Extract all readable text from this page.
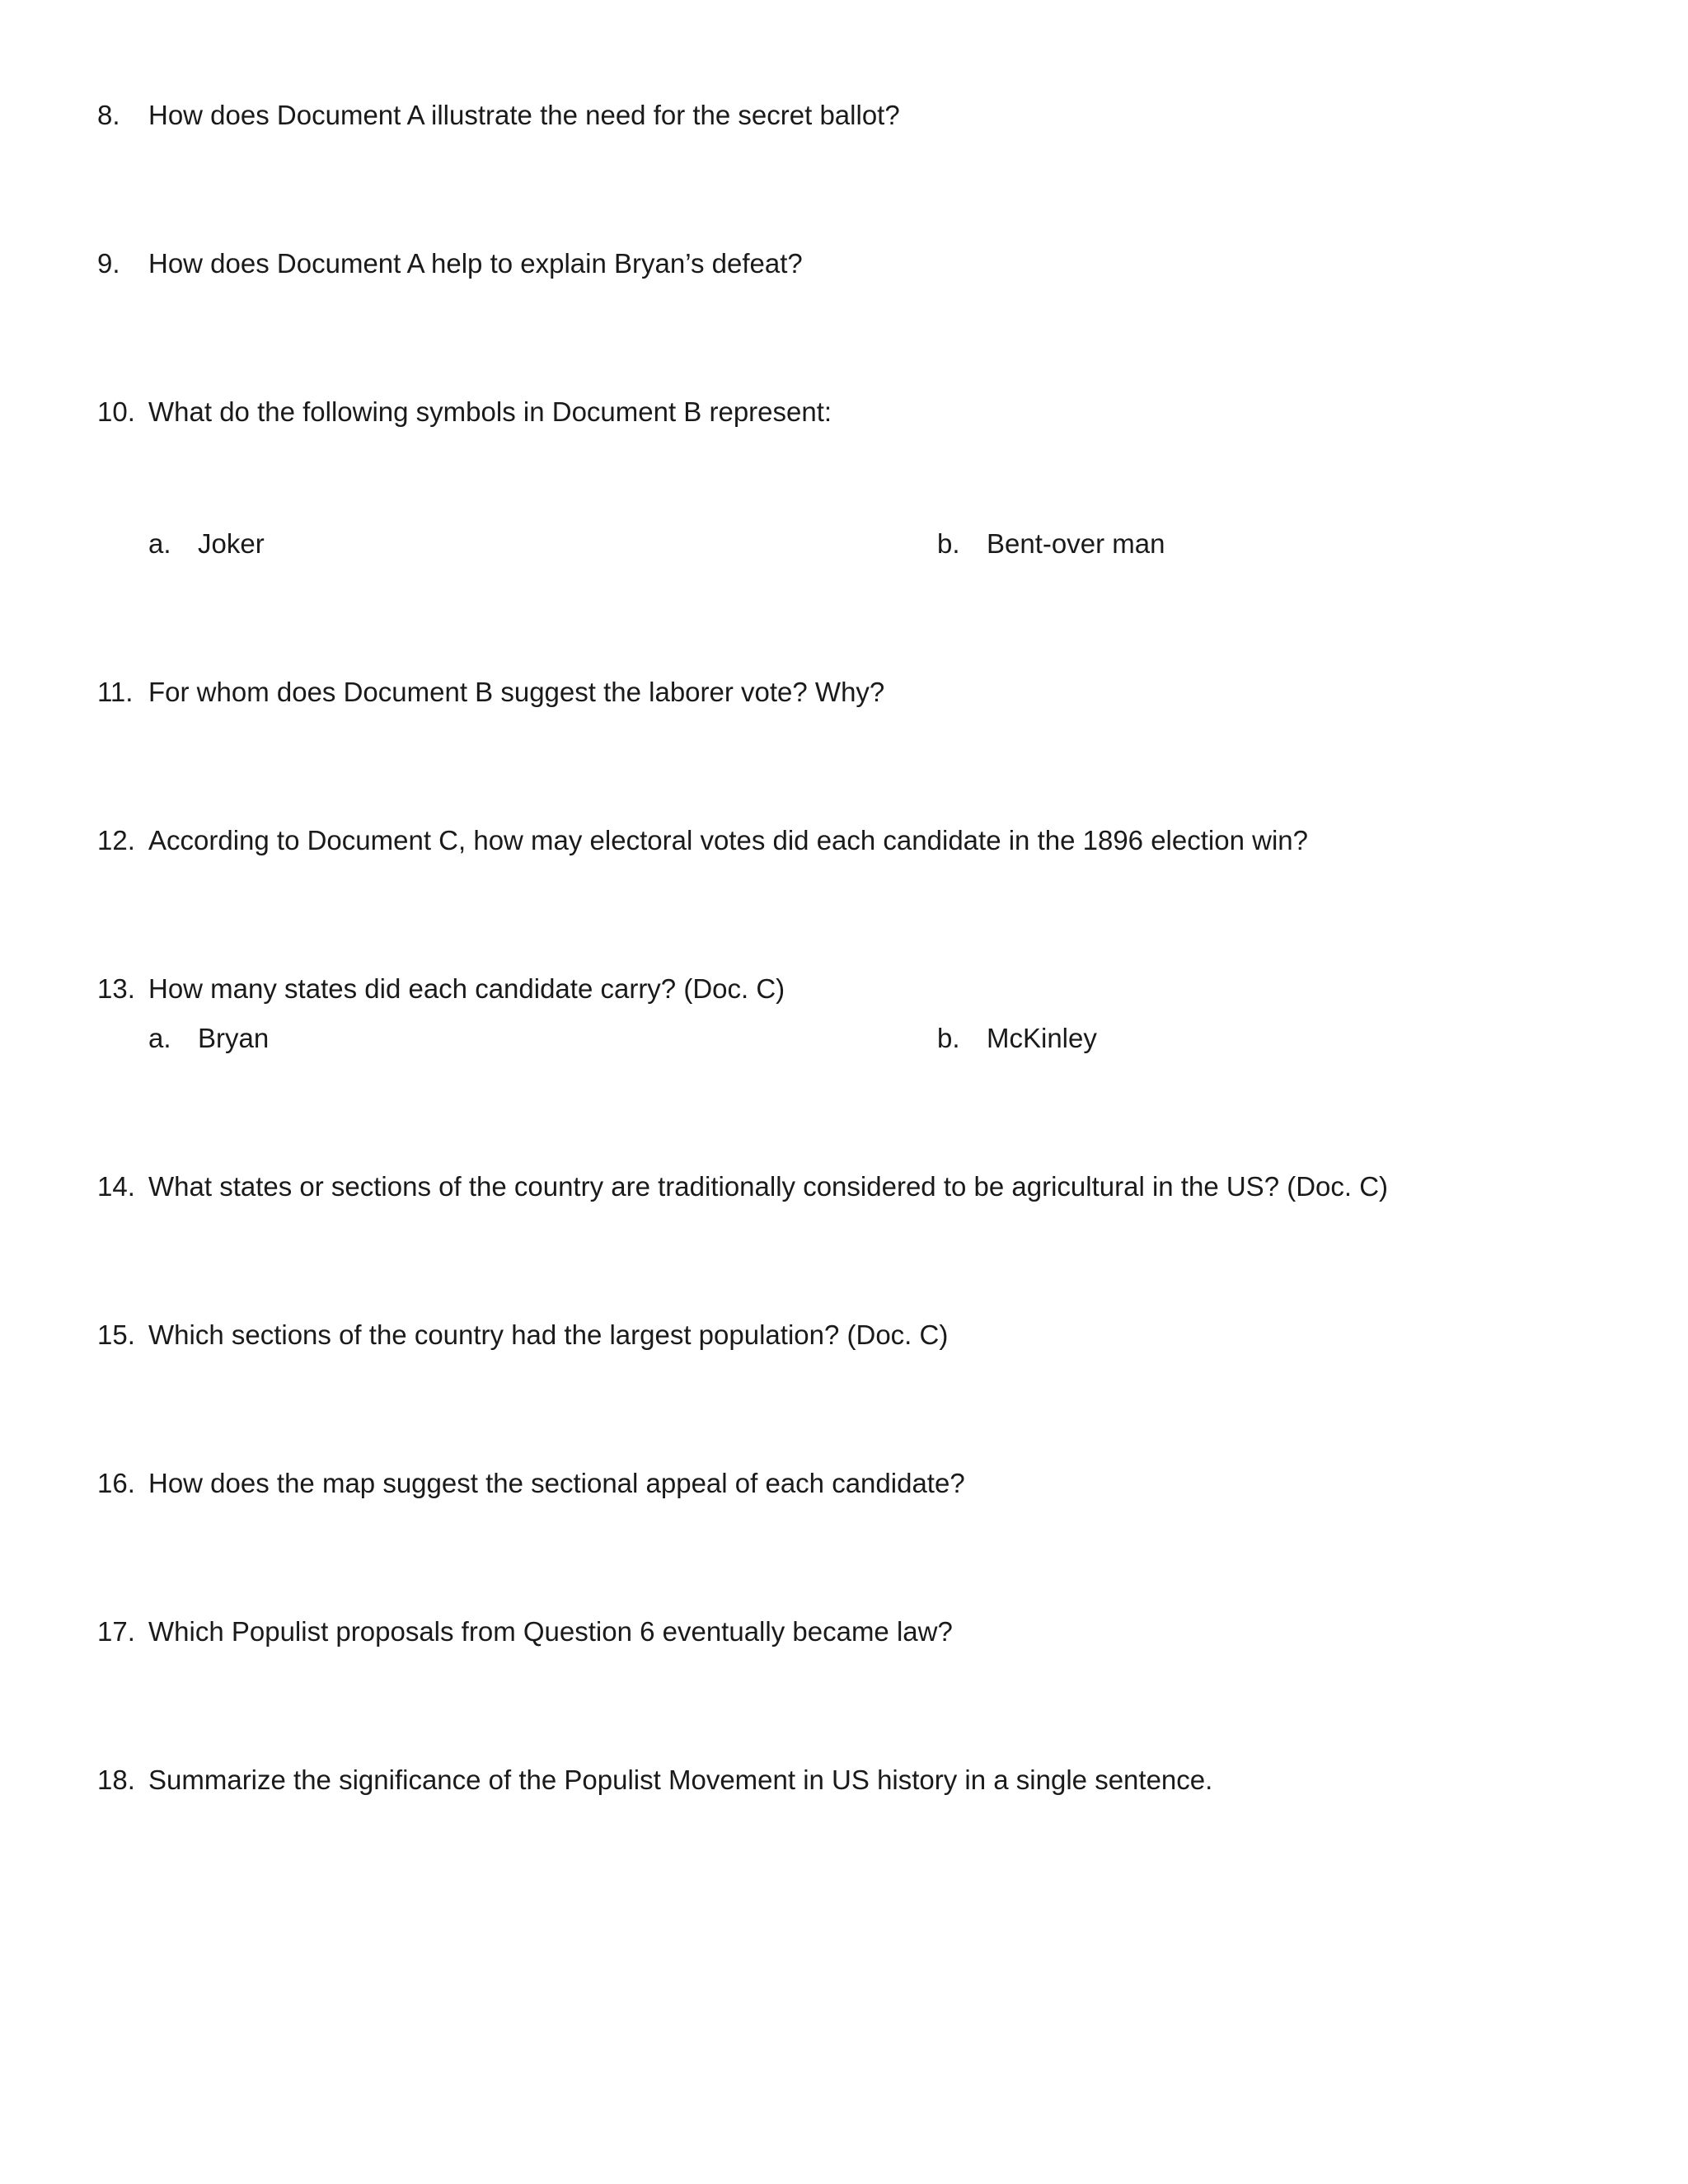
8.	How does Document A illustrate the need for the secret ballot?
9.	How does Document A help to explain Bryan’s defeat?
10. What do the following symbols in Document B represent:
a. Joker	b. Bent-over man
11. For whom does Document B suggest the laborer vote? Why?
12. According to Document C, how may electoral votes did each candidate in the 1896 election win?
13. How many states did each candidate carry? (Doc. C)
a. Bryan	b. McKinley
14. What states or sections of the country are traditionally considered to be agricultural in the US? (Doc. C)
15. Which sections of the country had the largest population? (Doc. C)
16. How does the map suggest the sectional appeal of each candidate?
17. Which Populist proposals from Question 6 eventually became law?
18. Summarize the significance of the Populist Movement in US history in a single sentence.
